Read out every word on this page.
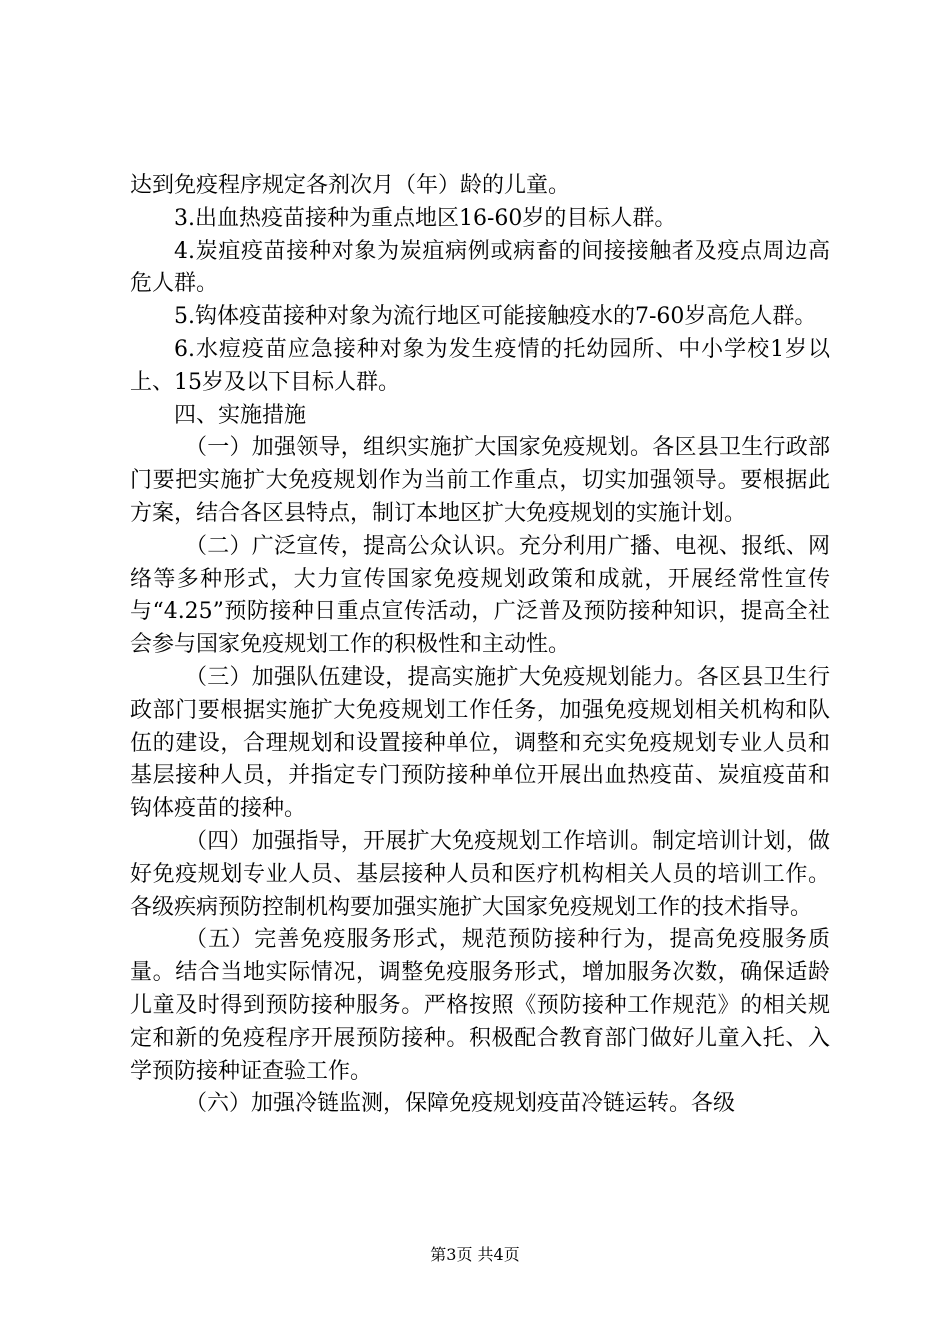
达到免疫程序规定各剂次月（年）龄的儿童。

3.出血热疫苗接种为重点地区16-60岁的目标人群。

4.炭疽疫苗接种对象为炭疽病例或病畜的间接接触者及疫点周边高危人群。

5.钩体疫苗接种对象为流行地区可能接触疫水的7-60岁高危人群。

6.水痘疫苗应急接种对象为发生疫情的托幼园所、中小学校1岁以上、15岁及以下目标人群。

四、实施措施

（一）加强领导，组织实施扩大国家免疫规划。各区县卫生行政部门要把实施扩大免疫规划作为当前工作重点，切实加强领导。要根据此方案，结合各区县特点，制订本地区扩大免疫规划的实施计划。

（二）广泛宣传，提高公众认识。充分利用广播、电视、报纸、网络等多种形式，大力宣传国家免疫规划政策和成就，开展经常性宣传与“4.25”预防接种日重点宣传活动，广泛普及预防接种知识，提高全社会参与国家免疫规划工作的积极性和主动性。

（三）加强队伍建设，提高实施扩大免疫规划能力。各区县卫生行政部门要根据实施扩大免疫规划工作任务，加强免疫规划相关机构和队伍的建设，合理规划和设置接种单位，调整和充实免疫规划专业人员和基层接种人员，并指定专门预防接种单位开展出血热疫苗、炭疽疫苗和钩体疫苗的接种。

（四）加强指导，开展扩大免疫规划工作培训。制定培训计划，做好免疫规划专业人员、基层接种人员和医疗机构相关人员的培训工作。各级疾病预防控制机构要加强实施扩大国家免疫规划工作的技术指导。

（五）完善免疫服务形式，规范预防接种行为，提高免疫服务质量。结合当地实际情况，调整免疫服务形式，增加服务次数，确保适龄儿童及时得到预防接种服务。严格按照《预防接种工作规范》的相关规定和新的免疫程序开展预防接种。积极配合教育部门做好儿童入托、入学预防接种证查验工作。

（六）加强冷链监测，保障免疫规划疫苗冷链运转。各级

第3页 共4页
